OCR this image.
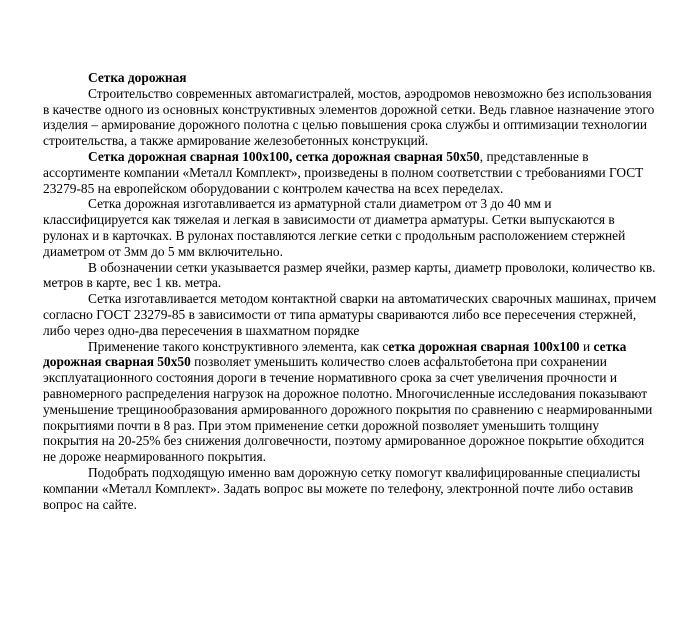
Сетка дорожная

Строительство современных автомагистралей, мостов, аэродромов невозможно без использования в качестве одного из основных конструктивных элементов дорожной сетки. Ведь главное назначение этого изделия – армирование дорожного полотна с целью повышения срока службы и оптимизации технологии строительства, а также армирование железобетонных конструкций.

Сетка дорожная сварная 100х100, сетка дорожная сварная 50х50, представленные в ассортименте компании «Металл Комплект», произведены в полном соответствии с требованиями ГОСТ 23279-85 на европейском оборудовании с контролем качества на всех переделах.

Сетка дорожная изготавливается из арматурной стали диаметром от 3 до 40 мм и классифицируется как тяжелая и легкая в зависимости от диаметра арматуры. Сетки выпускаются в рулонах и в карточках. В рулонах поставляются легкие сетки с продольным расположением стержней диаметром от 3мм до 5 мм включительно.

В обозначении сетки указывается размер ячейки, размер карты, диаметр проволоки, количество кв. метров в карте, вес 1 кв. метра.

Сетка изготавливается методом контактной сварки на автоматических сварочных машинах, причем согласно ГОСТ 23279-85 в зависимости от типа арматуры свариваются либо все пересечения стержней, либо через одно-два пересечения в шахматном порядке

Применение такого конструктивного элемента, как сетка дорожная сварная 100х100 и сетка дорожная сварная 50х50 позволяет уменьшить количество слоев асфальтобетона при сохранении эксплуатационного состояния дороги в течение нормативного срока за счет увеличения прочности и равномерного распределения нагрузок на дорожное полотно. Многочисленные исследования показывают уменьшение трещинообразования армированного дорожного покрытия по сравнению с неармированными покрытиями почти в 8 раз. При этом применение сетки дорожной позволяет уменьшить толщину покрытия на 20-25% без снижения долговечности, поэтому армированное дорожное покрытие обходится не дороже неармированного покрытия.

Подобрать подходящую именно вам дорожную сетку помогут квалифицированные специалисты компании «Металл Комплект». Задать вопрос вы можете по телефону, электронной почте либо оставив вопрос на сайте.
